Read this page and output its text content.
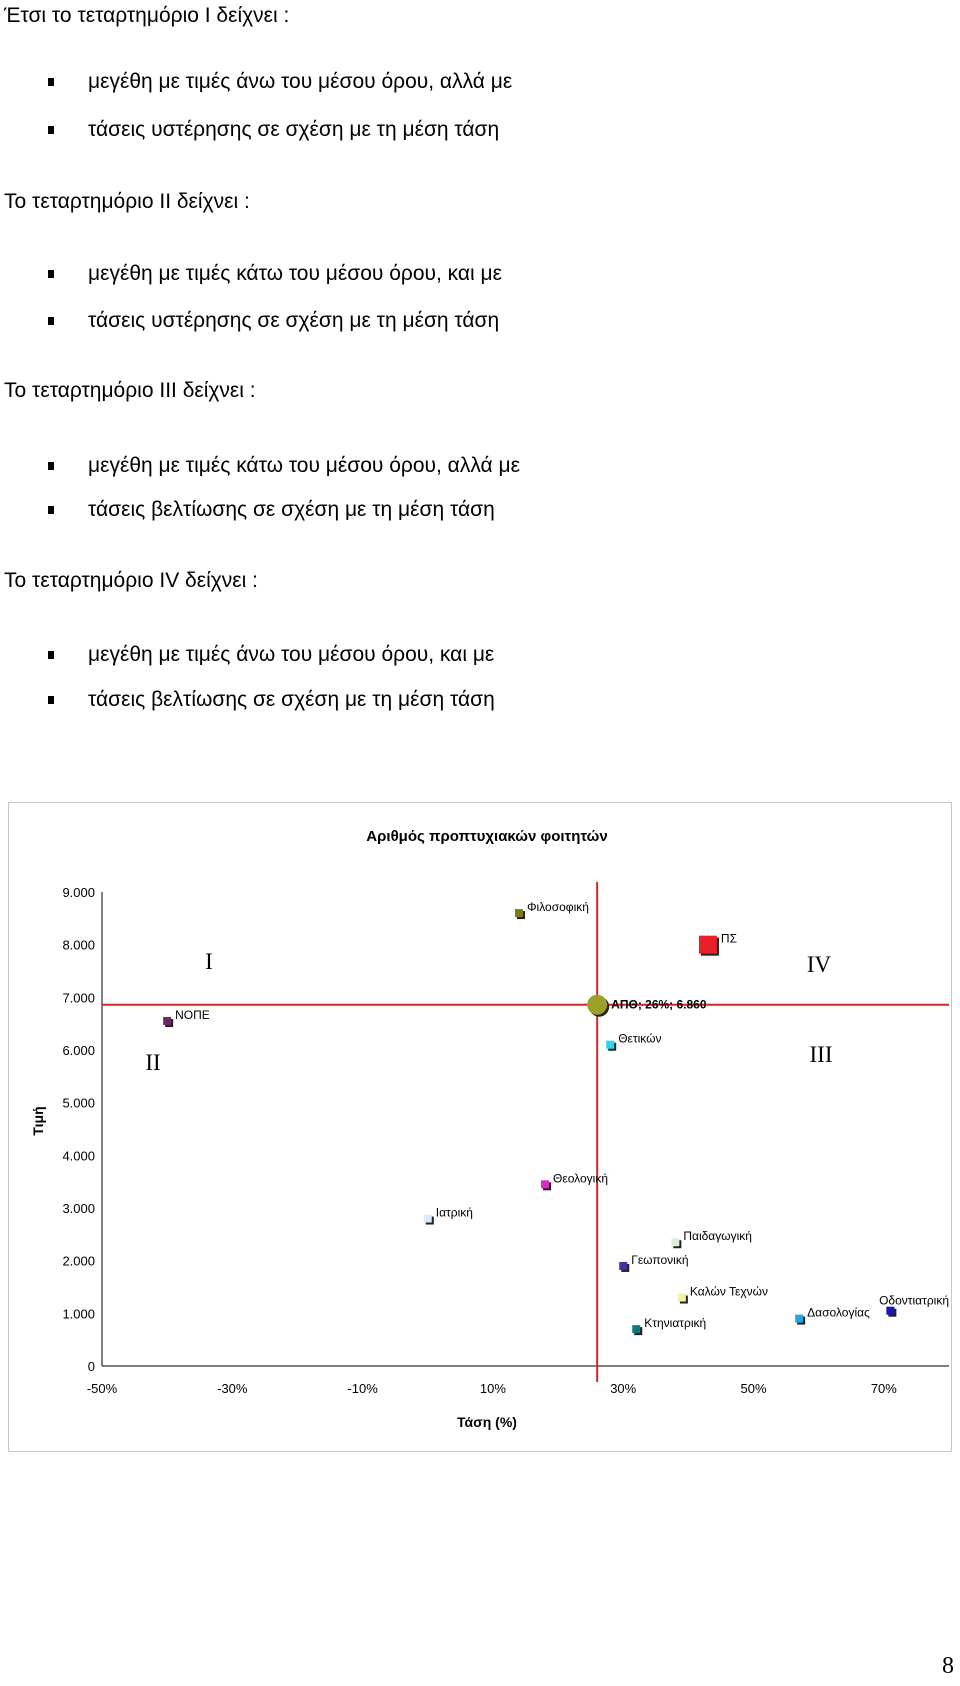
Έτσι το τεταρτημόριο Ι δείχνει :
μεγέθη με τιμές άνω του μέσου όρου, αλλά με
τάσεις υστέρησης σε σχέση με τη μέση τάση
Το τεταρτημόριο ΙΙ δείχνει :
μεγέθη με τιμές κάτω του μέσου όρου, και με
τάσεις υστέρησης σε σχέση με τη μέση τάση
Το τεταρτημόριο ΙΙΙ δείχνει :
μεγέθη με τιμές κάτω του μέσου όρου, αλλά με
τάσεις βελτίωσης σε σχέση με τη μέση τάση
Το τεταρτημόριο IV δείχνει :
μεγέθη με τιμές άνω του μέσου όρου, και με
τάσεις βελτίωσης σε σχέση με τη μέση τάση
Αριθμός προπτυχιακών φοιτητών
0
1.000
2.000
3.000
4.000
5.000
6.000
7.000
8.000
9.000
-50%	-30%	-10%	10%	30%	50%	70%
Τάση (%)
Τιμή
I
II	III
IV
Φιλοσοφική
ΠΣ
ΑΠΘ; 26%; 6.860
ΝΟΠΕ
Θετικών
Θεολογική
Ιατρική
Παιδαγωγική
Γεωπονική
Καλών Τεχνών
Δασολογίας
Οδοντιατρική
Κτηνιατρική
8
